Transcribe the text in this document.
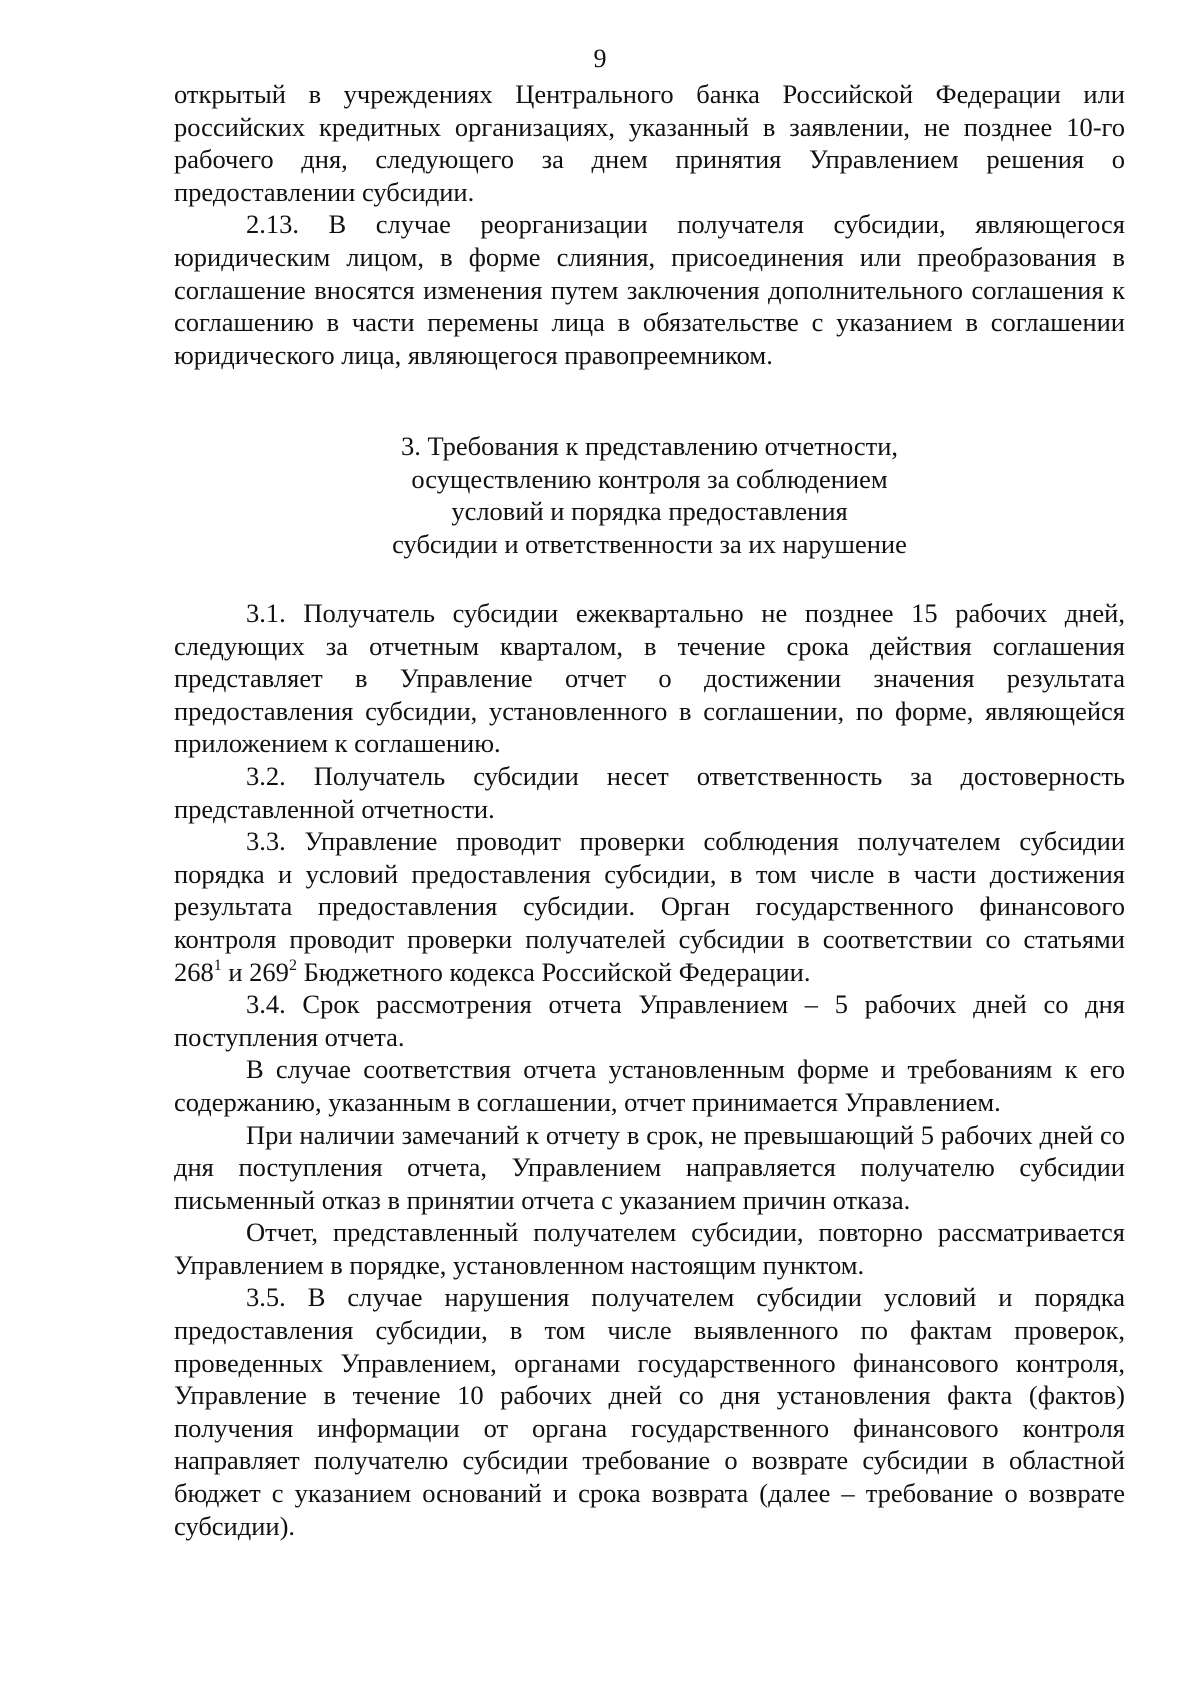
9

открытый в учреждениях Центрального банка Российской Федерации или российских кредитных организациях, указанный в заявлении, не позднее 10-го рабочего дня, следующего за днем принятия Управлением решения о предоставлении субсидии.

2.13. В случае реорганизации получателя субсидии, являющегося юридическим лицом, в форме слияния, присоединения или преобразования в соглашение вносятся изменения путем заключения дополнительного соглашения к соглашению в части перемены лица в обязательстве с указанием в соглашении юридического лица, являющегося правопреемником.

3. Требования к представлению отчетности,
осуществлению контроля за соблюдением
условий и порядка предоставления
субсидии и ответственности за их нарушение

3.1. Получатель субсидии ежеквартально не позднее 15 рабочих дней, следующих за отчетным кварталом, в течение срока действия соглашения представляет в Управление отчет о достижении значения результата предоставления субсидии, установленного в соглашении, по форме, являющейся приложением к соглашению.

3.2. Получатель субсидии несет ответственность за достоверность представленной отчетности.

3.3. Управление проводит проверки соблюдения получателем субсидии порядка и условий предоставления субсидии, в том числе в части достижения результата предоставления субсидии. Орган государственного финансового контроля проводит проверки получателей субсидии в соответствии со статьями $268^1$ и $269^2$ Бюджетного кодекса Российской Федерации.

3.4. Срок рассмотрения отчета Управлением – 5 рабочих дней со дня поступления отчета.

В случае соответствия отчета установленным форме и требованиям к его содержанию, указанным в соглашении, отчет принимается Управлением.

При наличии замечаний к отчету в срок, не превышающий 5 рабочих дней со дня поступления отчета, Управлением направляется получателю субсидии письменный отказ в принятии отчета с указанием причин отказа.

Отчет, представленный получателем субсидии, повторно рассматривается Управлением в порядке, установленном настоящим пунктом.

3.5. В случае нарушения получателем субсидии условий и порядка предоставления субсидии, в том числе выявленного по фактам проверок, проведенных Управлением, органами государственного финансового контроля, Управление в течение 10 рабочих дней со дня установления факта (фактов) получения информации от органа государственного финансового контроля направляет получателю субсидии требование о возврате субсидии в областной бюджет с указанием оснований и срока возврата (далее – требование о возврате субсидии).
